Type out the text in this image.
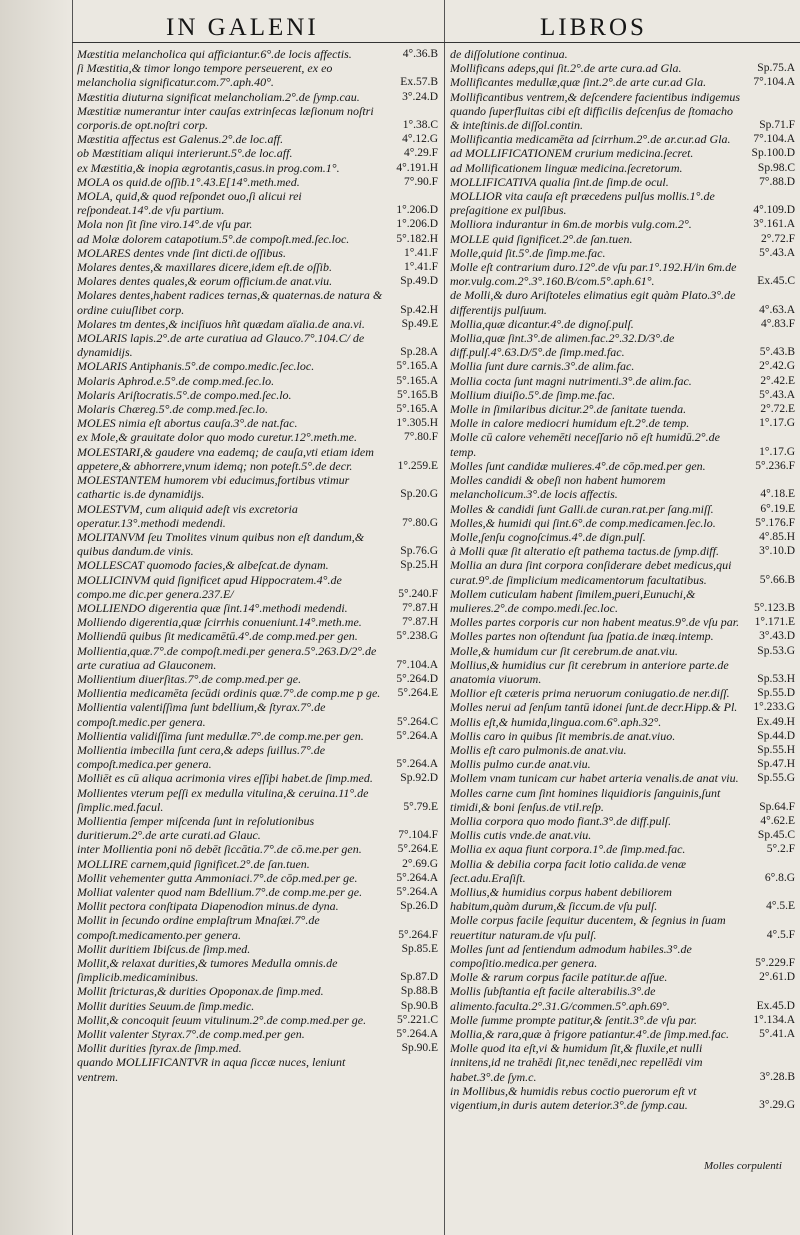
IN GALENI	LIBROS
Mæstitia melancholica qui afficiantur.6°.de locis affectis.	4°.36.B
ſi Mæstitia,& timor longo tempore perseuerent, ex eo melancholia significatur.com.7°.aph.40°.	Ex.57.B
Mæstitia diuturna significat melancholiam.2°.de ſymp.cau.	3°.24.D
Mæstitiæ numerantur inter cauſas extrinſecas læſionum noſtri corporis.de opt.noſtri corp.	1°.38.C
Mæstitia affectus est Galenus.2°.de loc.aff.	4°.12.G
ob Mæstitiam aliqui interierunt.5°.de loc.aff.	4°.29.F
ex Mæstitia,& inopia ægrotantis,casus.in prog.com.1°.	4°.191.H
MOLA os quid.de oſſib.1°.43.E[14°.meth.med.	7°.90.F
MOLA, quid,& quod reſpondet ouo,ſi alicui rei reſpondeat.14°.de vſu partium.	1°.206.D
Mola non ſit ſine viro.14°.de vſu par.	1°.206.D
ad Molæ dolorem catapotium.5°.de compoſt.med.ſec.loc.	5°.182.H
MOLARES dentes vnde ſint dicti.de oſſibus.	1°.41.F
Molares dentes,& maxillares dicere,idem eſt.de oſſib.	1°.41.F
Molares dentes quales,& eorum officium.de anat.viu.	Sp.49.D
Molares dentes,habent radices ternas,& quaternas.de natura & ordine cuiuſlibet corp.	Sp.42.H
Molares tm dentes,& inciſiuos hñt quædam aïalia.de ana.vi.	Sp.49.E
MOLARIS lapis.2°.de arte curatiua ad Glauco.7°.104.C/ de dynamidijs.	Sp.28.A
MOLARIS Antiphanis.5°.de compo.medic.ſec.loc.	5°.165.A
Molaris Aphrod.e.5°.de comp.med.ſec.lo.	5°.165.A
Molaris Ariſtocratis.5°.de compo.med.ſec.lo.	5°.165.B
Molaris Chæreg.5°.de comp.med.ſec.lo.	5°.165.A
MOLES nimia eſt abortus cauſa.3°.de nat.fac.	1°.305.H
ex Mole,& grauitate dolor quo modo curetur.12°.meth.me.	7°.80.F
MOLESTARI,& gaudere vna eademq; de cauſa,vti etiam idem appetere,& abhorrere,vnum idemq; non poteſt.5°.de decr.	1°.259.E
MOLESTANTEM humorem vbi educimus,fortibus vtimur cathartic is.de dynamidijs.	Sp.20.G
MOLESTVM, cum aliquid adeſt vis excretoria operatur.13°.methodi medendi.	7°.80.G
MOLITANVM ſeu Tmolites vinum quibus non eſt dandum,& quibus dandum.de vinis.	Sp.76.G
MOLLESCAT quomodo facies,& albeſcat.de dynam.	Sp.25.H
MOLLICINVM quid ſignificet apud Hippocratem.4°.de compo.me dic.per genera.237.E/	5°.240.F
MOLLIENDO digerentia quæ ſint.14°.methodi medendi.	7°.87.H
Molliendo digerentia,quæ ſcirrhis conueniunt.14°.meth.me.	7°.87.H
Molliendū quibus ſit medicamētū.4°.de comp.med.per gen.	5°.238.G
Mollientia,quæ.7°.de compoſt.medi.per genera.5°.263.D/2°.de arte curatiua ad Glauconem.	7°.104.A
Mollientium diuerſitas.7°.de comp.med.per ge.	5°.264.D
Mollientia medicamēta ſecūdi ordinis quæ.7°.de comp.me p ge. 5°.264.E
Mollientia valentiſſima ſunt bdellium,& ſtyrax.7°.de compoſt.medic.per genera.	5°.264.C
Mollientia validiſſima ſunt medullæ.7°.de comp.me.per gen.	5°.264.A
Mollientia imbecilla ſunt cera,& adeps ſuillus.7°.de compoſt.medica.per genera.	5°.264.A
Molliēt es cū aliqua acrimonia vires eſſiþi habet.de ſimp.med. Sp.92.D
Mollientes vterum peſſi ex medulla vitulina,& ceruina.11°.de ſimplic.med.facul.	5°.79.E
Mollientia ſemper miſcenda ſunt in reſolutionibus duritierum.2°.de arte curati.ad Glauc.	7°.104.F
inter Mollientia poni nō debēt ſiccātia.7°.de cō.me.per gen.	5°.264.E
MOLLIRE carnem,quid ſignificet.2°.de ſan.tuen.	2°.69.G
Mollit vehementer gutta Ammoniaci.7°.de cōp.med.per ge.	5°.264.A
Molliat valenter quod nam Bdellium.7°.de comp.me.per ge.	5°.264.A
Mollit pectora conſtipata Diapenodion minus.de dyna.	Sp.26.D
Mollit in ſecundo ordine emplaſtrum Mnaſæi.7°.de compoſt.medicamento.per genera.	5°.264.F
Mollit duritiem Ibiſcus.de ſimp.med.	Sp.85.E
Mollit,& relaxat durities,& tumores Medulla omnis.de ſimplicib.medicaminibus.	Sp.87.D
Mollit ſtricturas,& durities Opoponax.de ſimp.med.	Sp.88.B
Mollit durities Seuum.de ſimp.medic.	Sp.90.B
Mollit,& concoquit ſeuum vitulinum.2°.de comp.med.per ge.	5°.221.C
Mollit valenter Styrax.7°.de comp.med.per gen.	5°.264.A
Mollit durities ſtyrax.de ſimp.med.	Sp.90.E
quando MOLLIFICANTVR in aqua ſiccæ nuces, leniunt ventrem.
de diſſolutione continua.
Mollificans adeps,qui ſit.2°.de arte cura.ad Gla.	Sp.75.A
Mollificantes medullæ,quæ ſint.2°.de arte cur.ad Gla.	7°.104.A
Mollificantibus ventrem,& deſcendere facientibus indigemus quando ſuperfluitas cibi eſt difficilis deſcenſus de ſtomacho & inteſtinis.de diſſol.contin.	Sp.71.F
Mollificantia medicamēta ad ſcirrhum.2°.de ar.cur.ad Gla. 7°.104.A
ad MOLLIFICATIONEM crurium medicina.ſecret.	Sp.100.D
ad Mollificationem linguæ medicina.ſecretorum.	Sp.98.C
MOLLIFICATIVA qualia ſint.de ſimp.de ocul.	7°.88.D
MOLLIOR vita cauſa eſt præcedens pulſus mollis.1°.de preſagitione ex pulſibus.	4°.109.D
Molliora indurantur in 6m.de morbis vulg.com.2°.	3°.161.A
MOLLE quid ſignificet.2°.de ſan.tuen.	2°.72.F
Molle,quid ſit.5°.de ſimp.me.fac.	5°.43.A
Molle eſt contrarium duro.12°.de vſu par.1°.192.H/in 6m.de mor.vulg.com.2°.3°.160.B/com.5°.aph.61°.	Ex.45.C
de Molli,& duro Ariſtoteles elimatius egit quàm Plato.3°.de differentijs pulſuum.	4°.63.A
Mollia,quæ dicantur.4°.de dignoſ.pulſ.	4°.83.F
Mollia,quæ ſint.3°.de alimen.fac.2°.32.D/3°.de diff.pulſ.4°.63.D/5°.de ſimp.med.fac.	5°.43.B
Mollia ſunt dure carnis.3°.de alim.fac.	2°.42.G
Mollia cocta ſunt magni nutrimenti.3°.de alim.fac.	2°.42.E
Mollium diuiſio.5°.de ſimp.me.fac.	5°.43.A
Molle in ſimilaribus dicitur.2°.de ſanitate tuenda.	2°.72.E
Molle in calore mediocri humidum eſt.2°.de temp.	1°.17.G
Molle cū calore vehemēti neceſſario nō eſt humidū.2°.de temp.	1°.17.G
Molles ſunt candidæ mulieres.4°.de cōp.med.per gen.	5°.236.F
Molles candidi & obeſi non habent humorem melancholicum.3°.de locis affectis.	4°.18.E
Molles & candidi ſunt Galli.de curan.rat.per ſang.miſſ.	6°.19.E
Molles,& humidi qui ſint.6°.de comp.medicamen.ſec.lo.	5°.176.F
Molle,ſenſu cognoſcimus.4°.de dign.pulſ.	4°.85.H
à Molli quæ ſit alteratio eſt pathema tactus.de ſymp.diff.	3°.10.D
Mollia an dura ſint corpora conſiderare debet medicus,qui curat.9°.de ſimplicium medicamentorum facultatibus.	5°.66.B
Mollem cuticulam habent ſimilem,pueri,Eunuchi,& mulieres.2°.de compo.medi.ſec.loc.	5°.123.B
Molles partes corporis cur non habent meatus.9°.de vſu par. 1°.171.E
Molles partes non oſtendunt ſua ſpatia.de inæq.intemp.	3°.43.D
Molle,& humidum cur ſit cerebrum.de anat.viu.	Sp.53.G
Mollius,& humidius cur ſit cerebrum in anteriore parte.de anatomia viuorum.	Sp.53.H
Mollior eſt cæteris prima neruorum coniugatio.de ner.diſſ. Sp.55.D
Molles nerui ad ſenſum tantū idonei ſunt.de decr.Hipp.& Pl. 1°.233.G
Mollis eſt,& humida,lingua.com.6°.aph.32°.	Ex.49.H
Mollis caro in quibus ſit membris.de anat.viuo.	Sp.44.D
Mollis eſt caro pulmonis.de anat.viu.	Sp.55.H
Mollis pulmo cur.de anat.viu.	Sp.47.H
Mollem vnam tunicam cur habet arteria venalis.de anat viu. Sp.55.G
Molles carne cum ſint homines liquidioris ſanguinis,ſunt timidi,& boni ſenſus.de vtil.reſp.	Sp.64.F
Mollia corpora quo modo fiant.3°.de diff.pulſ.	4°.62.E
Mollis cutis vnde.de anat.viu.	Sp.45.C
Mollia ex aqua fiunt corpora.1°.de ſimp.med.fac.	5°.2.F
Mollia & debilia corpa facit lotio calida.de venæ ſect.adu.Eraſiſt.	6°.8.G
Mollius,& humidius corpus habent debiliorem habitum,quàm durum,& ſiccum.de vſu pulſ.	4°.5.E
Molle corpus facile ſequitur ducentem, & ſegnius in ſuam reuertitur naturam.de vſu pulſ.	4°.5.F
Molles ſunt ad ſentiendum admodum habiles.3°.de compoſitio.medica.per genera.	5°.229.F
Molle & rarum corpus facile patitur.de aſſue.	2°.61.D
Mollis ſubſtantia eſt facile alterabilis.3°.de alimento.faculta.2°.31.G/commen.5°.aph.69°.	Ex.45.D
Molle ſumme prompte patitur,& ſentit.3°.de vſu par.	1°.134.A
Mollia,& rara,quæ à frigore patiantur.4°.de ſimp.med.fac.	5°.41.A
Molle quod ita eſt,vi & humidum ſit,& fluxile,et nulli innitens,id ne trahēdi ſit,nec tenēdi,nec repellēdi vim habet.3°.de ſym.c.	3°.28.B
in Mollibus,& humidis rebus coctio puerorum eſt vt vigentium,in duris autem deterior.3°.de ſymp.cau.	3°.29.G
Molles corpulenti
